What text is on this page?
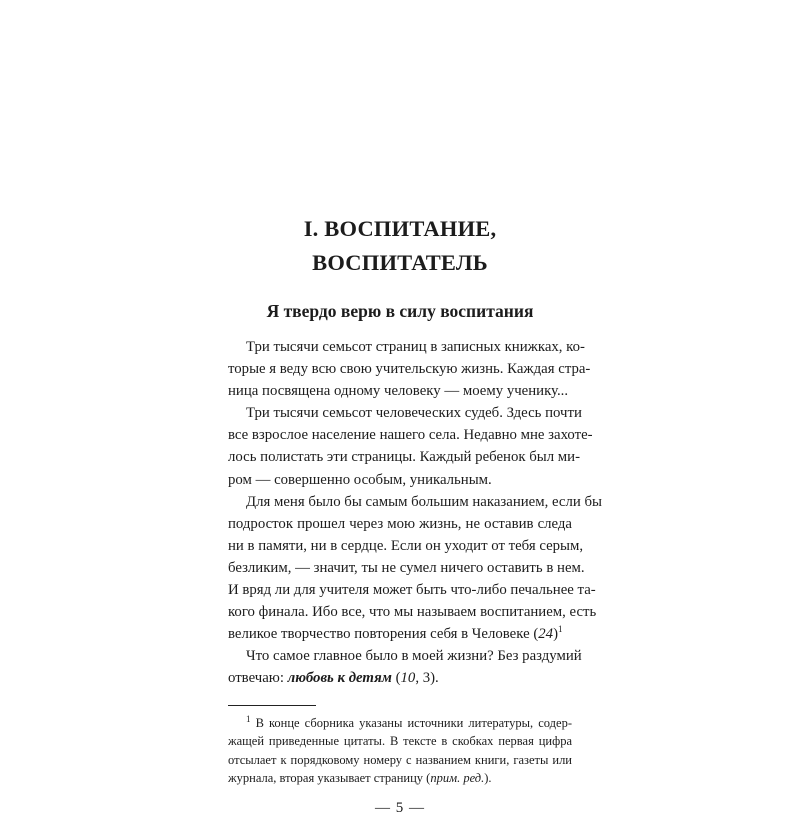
I. ВОСПИТАНИЕ, ВОСПИТАТЕЛЬ
Я твердо верю в силу воспитания

Три тысячи семьсот страниц в записных книжках, ко-
торые я веду всю свою учительскую жизнь. Каждая стра-
ница посвящена одному человеку — моему ученику...

Три тысячи семьсот человеческих судеб. Здесь почти
все взрослое население нашего села. Недавно мне захоте-
лось полистать эти страницы. Каждый ребенок был ми-
ром — совершенно особым, уникальным.

Для меня было бы самым большим наказанием, если бы
подросток прошел через мою жизнь, не оставив следа
ни в памяти, ни в сердце. Если он уходит от тебя серым,
безликим, — значит, ты не сумел ничего оставить в нем.
И вряд ли для учителя может быть что-либо печальнее та-
кого финала. Ибо все, что мы называем воспитанием, есть
великое творчество повторения себя в Человеке $(24)^1$

Что самое главное было в моей жизни? Без раздумий
отвечаю: любовь к детям (10, 3).

$^1$ В конце сборника указаны источники литературы, содер-
жащей приведенные цитаты. В тексте в скобках первая цифра
отсылает к порядковому номеру с названием книги, газеты или
журнала, вторая указывает страницу (прим. ред.).
— 5 —
